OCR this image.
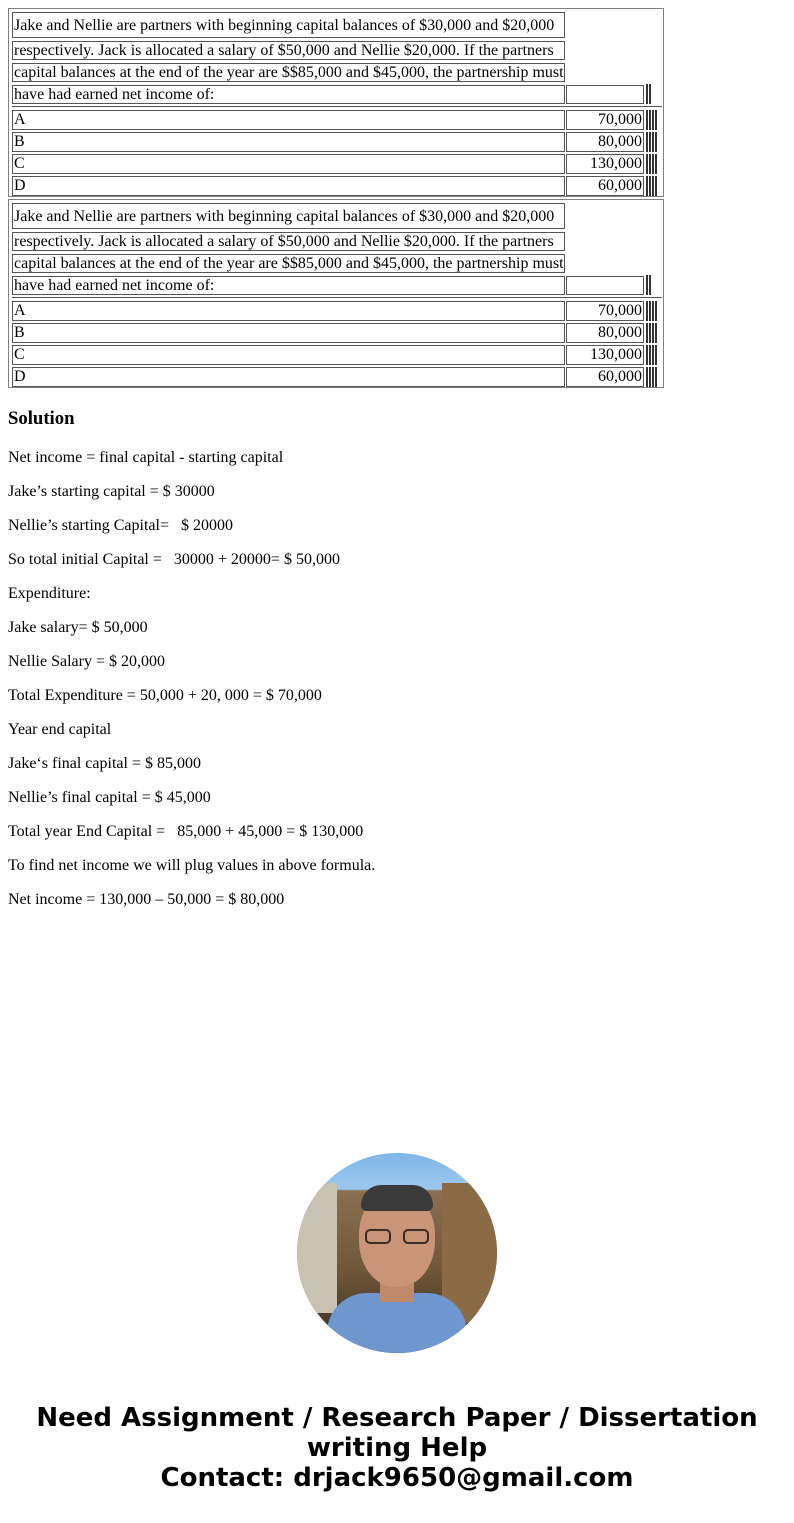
Jake and Nellie are partners with beginning capital balances of $30,000 and $20,000
respectively. Jack is allocated a salary of $50,000 and Nellie $20,000. If the partners
capital balances at the end of the year are $$85,000 and $45,000, the partnership must
have had earned net income of:
A	70,000
B	80,000
C	130,000
D	60,000
Jake and Nellie are partners with beginning capital balances of $30,000 and $20,000
respectively. Jack is allocated a salary of $50,000 and Nellie $20,000. If the partners
capital balances at the end of the year are $$85,000 and $45,000, the partnership must
have had earned net income of:
A	70,000
B	80,000
C	130,000
D	60,000
Solution

Net income = final capital - starting capital

Jake’s starting capital = $ 30000

Nellie’s starting Capital=   $ 20000

So total initial Capital =   30000 + 20000= $ 50,000

Expenditure:

Jake salary= $ 50,000

Nellie Salary = $ 20,000

Total Expenditure = 50,000 + 20, 000 = $ 70,000

Year end capital

Jake‘s final capital = $ 85,000

Nellie’s final capital = $ 45,000

Total year End Capital =   85,000 + 45,000 = $ 130,000

To find net income we will plug values in above formula.

Net income = 130,000 – 50,000 = $ 80,000

Need Assignment / Research Paper / Dissertation
writing Help
Contact: drjack9650@gmail.com
